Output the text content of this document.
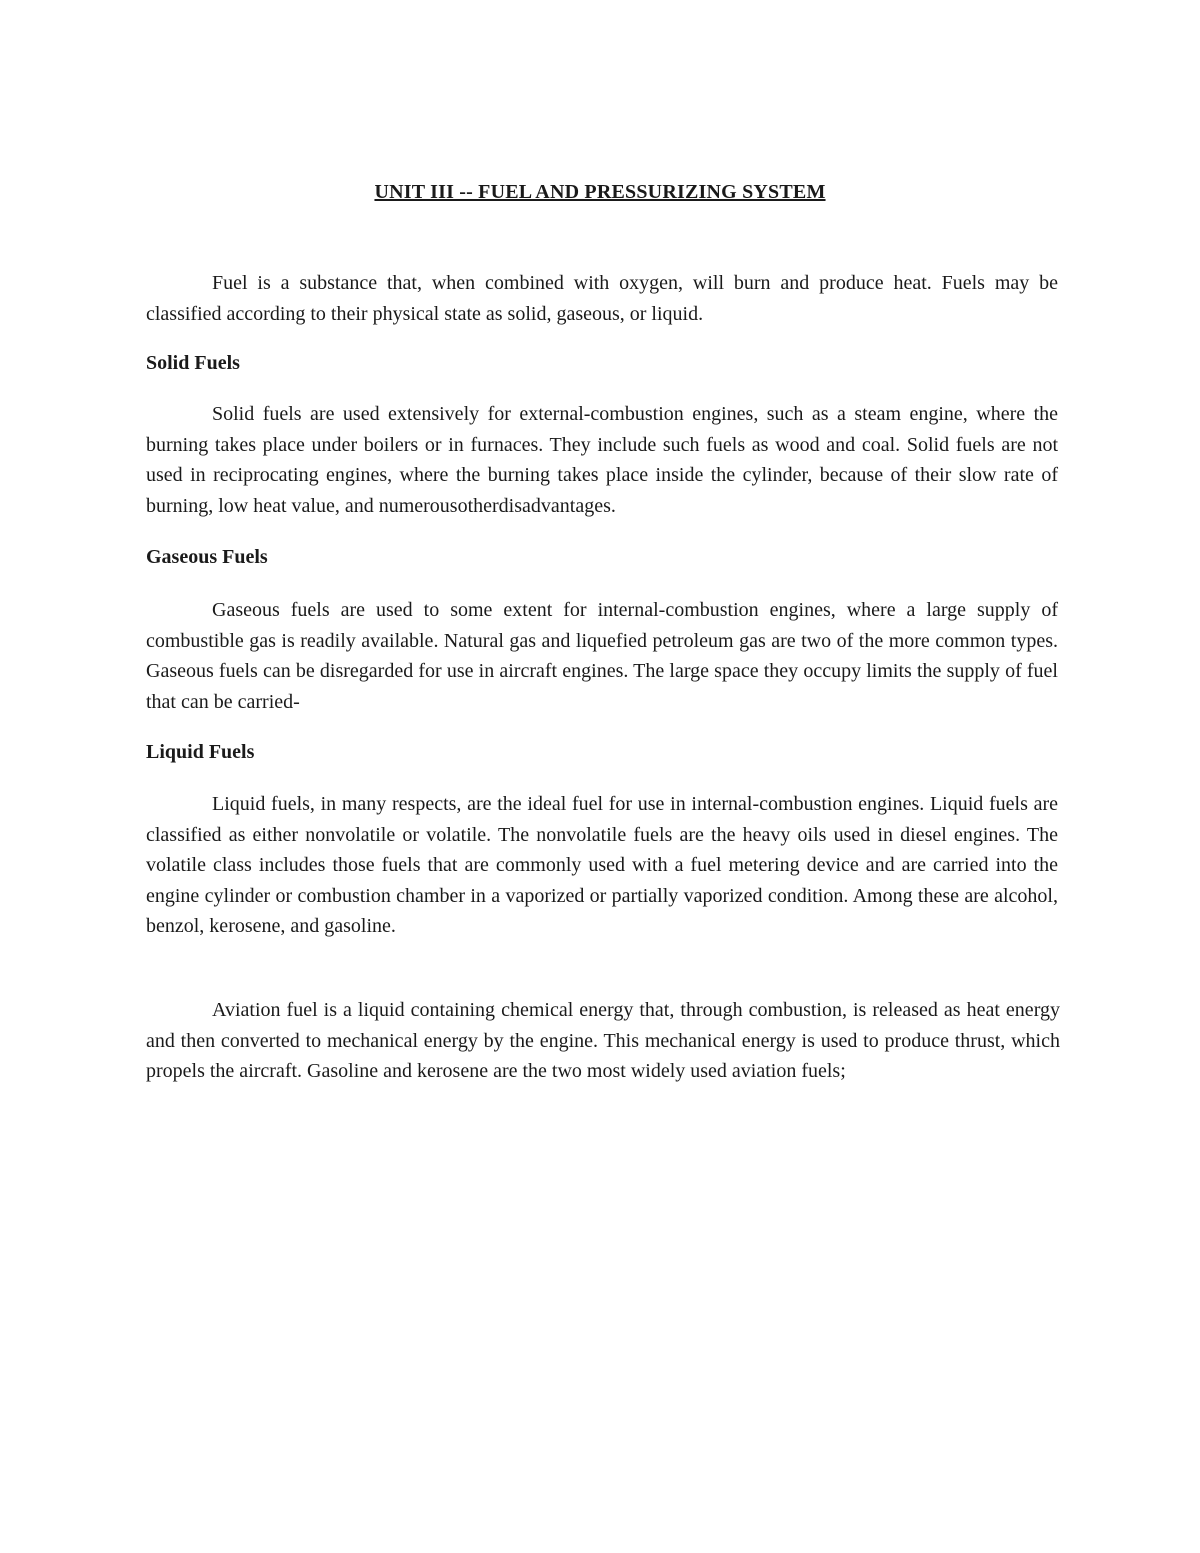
UNIT III -- FUEL AND PRESSURIZING SYSTEM

Fuel is a substance that, when combined with oxygen, will burn and produce heat. Fuels may be classified according to their physical state as solid, gaseous, or liquid.

Solid Fuels

Solid fuels are used extensively for external-combustion engines, such as a steam engine, where the burning takes place under boilers or in furnaces. They include such fuels as wood and coal. Solid fuels are not used in reciprocating engines, where the burning takes place inside the cylinder, because of their slow rate of burning, low heat value, and numerousotherdisadvantages.

Gaseous Fuels

Gaseous fuels are used to some extent for internal-combustion engines, where a large supply of combustible gas is readily available. Natural gas and liquefied petroleum gas are two of the more common types. Gaseous fuels can be disregarded for use in aircraft engines. The large space they occupy limits the supply of fuel that can be carried-

Liquid Fuels

Liquid fuels, in many respects, are the ideal fuel for use in internal-combustion engines. Liquid fuels are classified as either nonvolatile or volatile. The nonvolatile fuels are the heavy oils used in diesel engines. The volatile class includes those fuels that are commonly used with a fuel metering device and are carried into the engine cylinder or combustion chamber in a vaporized or partially vaporized condition. Among these are alcohol, benzol, kerosene, and gasoline.

Aviation fuel is a liquid containing chemical energy that, through combustion, is released as heat energy and then converted to mechanical energy by the engine. This mechanical energy is used to produce thrust, which propels the aircraft. Gasoline and kerosene are the two most widely used aviation fuels;
